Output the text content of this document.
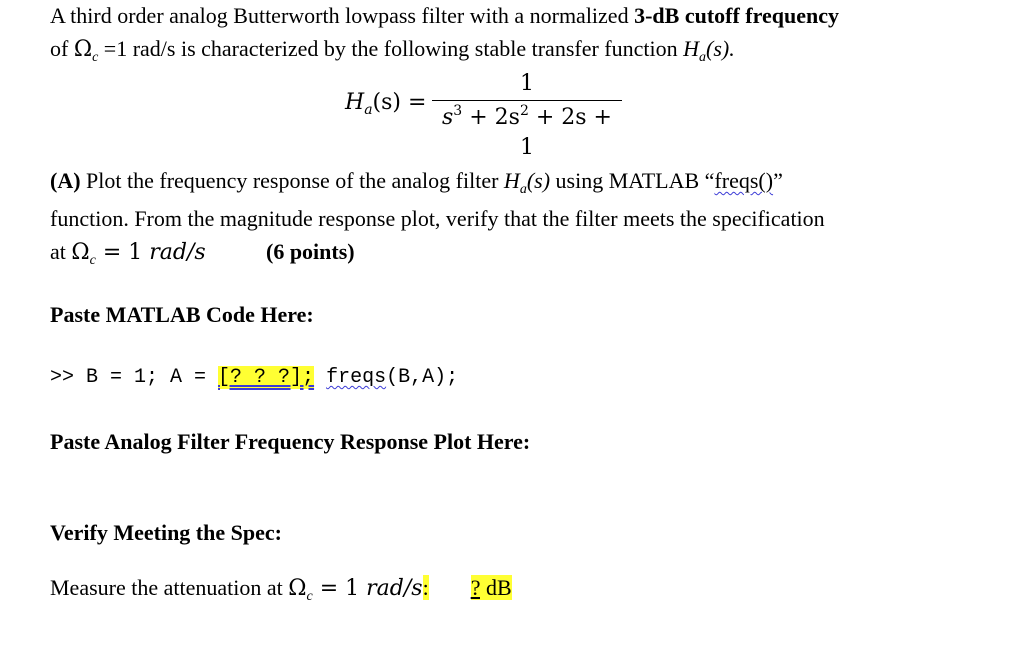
A third order analog Butterworth lowpass filter with a normalized 3-dB cutoff frequency
of $\Omega_c =1$ rad/s is characterized by the following stable transfer function $H_a(s)$.
$H_a(s)$ =
1
$s^3 + 2s^2 + 2s + 1$
(A) Plot the frequency response of the analog filter $H_a(s)$ using MATLAB “freqs()”
function. From the magnitude response plot, verify that the filter meets the specification
at $\Omega_c = 1$ rad/s	(6 points)
Paste MATLAB Code Here:
>> B = 1; A = [? ? ?]; freqs(B,A);
Paste Analog Filter Frequency Response Plot Here:
Verify Meeting the Spec:
Measure the attenuation at $\Omega_c = 1$ rad/s: ? dB
